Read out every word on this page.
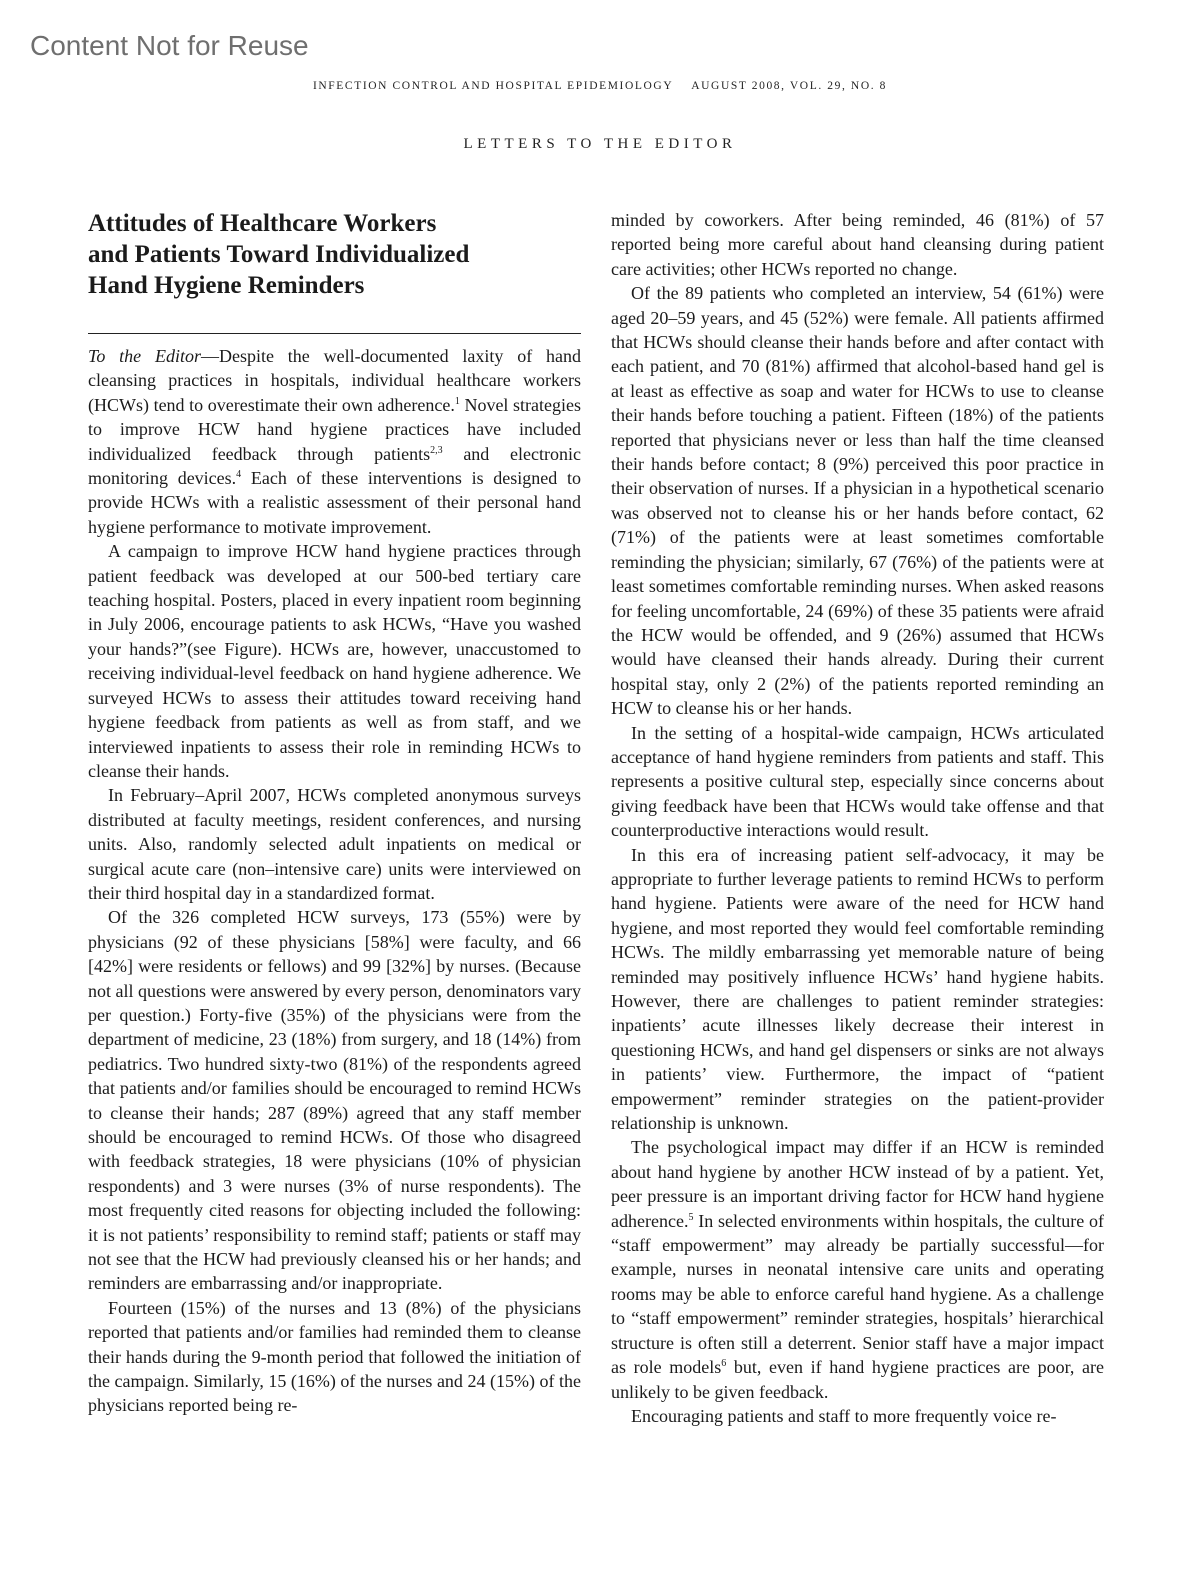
Content Not for Reuse
INFECTION CONTROL AND HOSPITAL EPIDEMIOLOGY AUGUST 2008, VOL. 29, NO. 8
LETTERS TO THE EDITOR
Attitudes of Healthcare Workers
and Patients Toward Individualized
Hand Hygiene Reminders

To the Editor—Despite the well-documented laxity of hand cleansing practices in hospitals, individual healthcare workers (HCWs) tend to overestimate their own adherence.$^1$ Novel strategies to improve HCW hand hygiene practices have included individualized feedback through patients$^{2,3}$ and electronic monitoring devices.$^4$ Each of these interventions is designed to provide HCWs with a realistic assessment of their personal hand hygiene performance to motivate improvement.

A campaign to improve HCW hand hygiene practices through patient feedback was developed at our 500-bed tertiary care teaching hospital. Posters, placed in every inpatient room beginning in July 2006, encourage patients to ask HCWs, “Have you washed your hands?”(see Figure). HCWs are, however, unaccustomed to receiving individual-level feedback on hand hygiene adherence. We surveyed HCWs to assess their attitudes toward receiving hand hygiene feedback from patients as well as from staff, and we interviewed inpatients to assess their role in reminding HCWs to cleanse their hands.

In February–April 2007, HCWs completed anonymous surveys distributed at faculty meetings, resident conferences, and nursing units. Also, randomly selected adult inpatients on medical or surgical acute care (non–intensive care) units were interviewed on their third hospital day in a standardized format.

Of the 326 completed HCW surveys, 173 (55%) were by physicians (92 of these physicians [58%] were faculty, and 66 [42%] were residents or fellows) and 99 [32%] by nurses. (Because not all questions were answered by every person, denominators vary per question.) Forty-five (35%) of the physicians were from the department of medicine, 23 (18%) from surgery, and 18 (14%) from pediatrics. Two hundred sixty-two (81%) of the respondents agreed that patients and/or families should be encouraged to remind HCWs to cleanse their hands; 287 (89%) agreed that any staff member should be encouraged to remind HCWs. Of those who disagreed with feedback strategies, 18 were physicians (10% of physician respondents) and 3 were nurses (3% of nurse respondents). The most frequently cited reasons for objecting included the following: it is not patients’ responsibility to remind staff; patients or staff may not see that the HCW had previously cleansed his or her hands; and reminders are embarrassing and/or inappropriate.

Fourteen (15%) of the nurses and 13 (8%) of the physicians reported that patients and/or families had reminded them to cleanse their hands during the 9-month period that followed the initiation of the campaign. Similarly, 15 (16%) of the nurses and 24 (15%) of the physicians reported being re-

minded by coworkers. After being reminded, 46 (81%) of 57 reported being more careful about hand cleansing during patient care activities; other HCWs reported no change.

Of the 89 patients who completed an interview, 54 (61%) were aged 20–59 years, and 45 (52%) were female. All patients affirmed that HCWs should cleanse their hands before and after contact with each patient, and 70 (81%) affirmed that alcohol-based hand gel is at least as effective as soap and water for HCWs to use to cleanse their hands before touching a patient. Fifteen (18%) of the patients reported that physicians never or less than half the time cleansed their hands before contact; 8 (9%) perceived this poor practice in their observation of nurses. If a physician in a hypothetical scenario was observed not to cleanse his or her hands before contact, 62 (71%) of the patients were at least sometimes comfortable reminding the physician; similarly, 67 (76%) of the patients were at least sometimes comfortable reminding nurses. When asked reasons for feeling uncomfortable, 24 (69%) of these 35 patients were afraid the HCW would be offended, and 9 (26%) assumed that HCWs would have cleansed their hands already. During their current hospital stay, only 2 (2%) of the patients reported reminding an HCW to cleanse his or her hands.

In the setting of a hospital-wide campaign, HCWs articulated acceptance of hand hygiene reminders from patients and staff. This represents a positive cultural step, especially since concerns about giving feedback have been that HCWs would take offense and that counterproductive interactions would result.

In this era of increasing patient self-advocacy, it may be appropriate to further leverage patients to remind HCWs to perform hand hygiene. Patients were aware of the need for HCW hand hygiene, and most reported they would feel comfortable reminding HCWs. The mildly embarrassing yet memorable nature of being reminded may positively influence HCWs’ hand hygiene habits. However, there are challenges to patient reminder strategies: inpatients’ acute illnesses likely decrease their interest in questioning HCWs, and hand gel dispensers or sinks are not always in patients’ view. Furthermore, the impact of “patient empowerment” reminder strategies on the patient-provider relationship is unknown.

The psychological impact may differ if an HCW is reminded about hand hygiene by another HCW instead of by a patient. Yet, peer pressure is an important driving factor for HCW hand hygiene adherence.$^5$ In selected environments within hospitals, the culture of “staff empowerment” may already be partially successful—for example, nurses in neonatal intensive care units and operating rooms may be able to enforce careful hand hygiene. As a challenge to “staff empowerment” reminder strategies, hospitals’ hierarchical structure is often still a deterrent. Senior staff have a major impact as role models$^6$ but, even if hand hygiene practices are poor, are unlikely to be given feedback.

Encouraging patients and staff to more frequently voice re-
